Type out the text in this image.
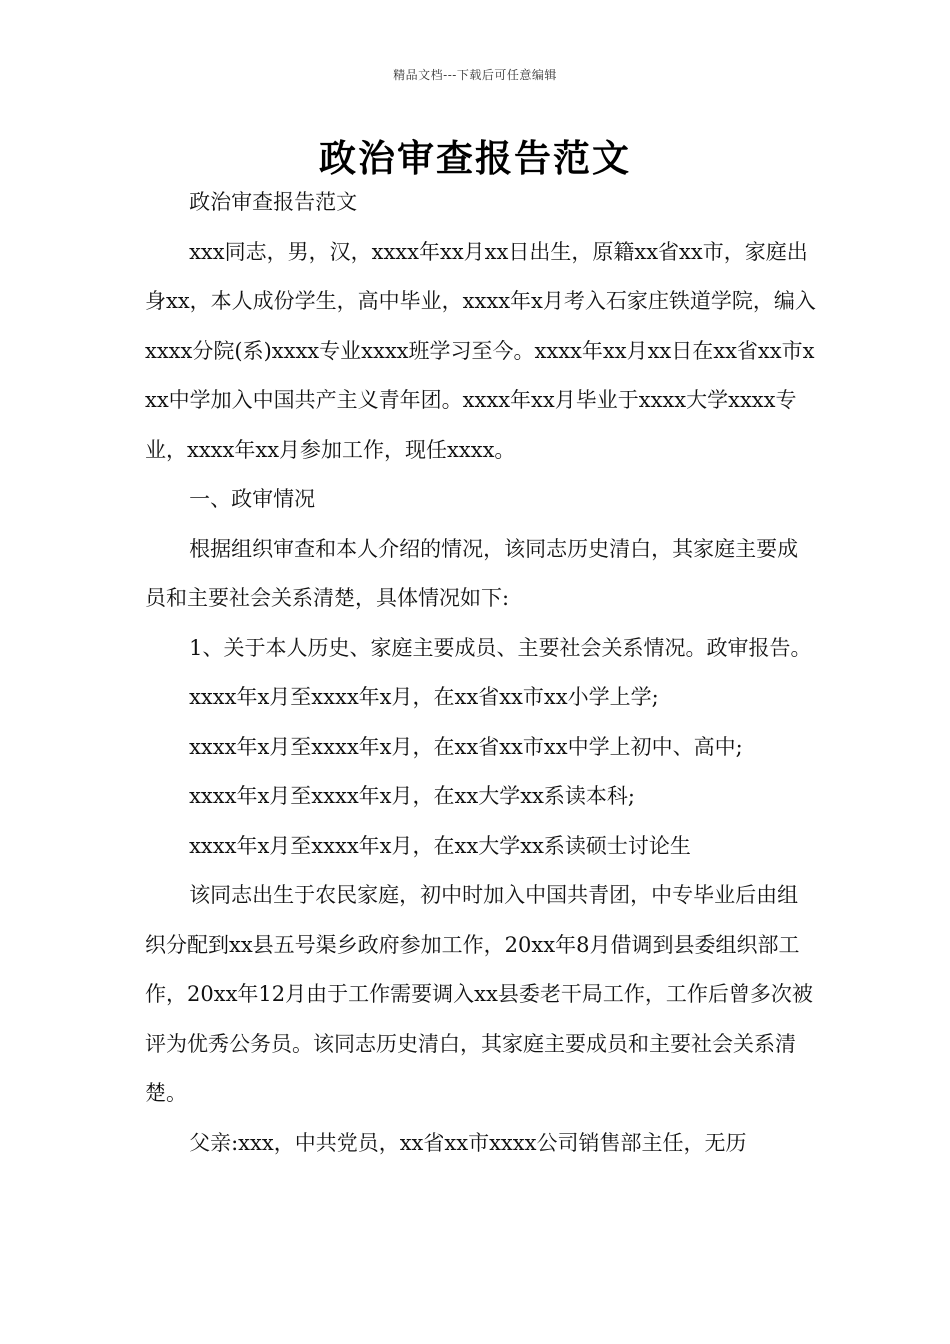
精品文档---下载后可任意编辑
政治审查报告范文

政治审查报告范文

xxx同志，男，汉，xxxx年xx月xx日出生，原籍xx省xx市，家庭出身xx，本人成份学生，高中毕业，xxxx年x月考入石家庄铁道学院，编入xxxx分院(系)xxxx专业xxxx班学习至今。xxxx年xx月xx日在xx省xx市xxx中学加入中国共产主义青年团。xxxx年xx月毕业于xxxx大学xxxx专业，xxxx年xx月参加工作，现任xxxx。

一、政审情况

根据组织审查和本人介绍的情况，该同志历史清白，其家庭主要成员和主要社会关系清楚，具体情况如下:

1、关于本人历史、家庭主要成员、主要社会关系情况。政审报告。

xxxx年x月至xxxx年x月，在xx省xx市xx小学上学;

xxxx年x月至xxxx年x月，在xx省xx市xx中学上初中、高中;

xxxx年x月至xxxx年x月，在xx大学xx系读本科;

xxxx年x月至xxxx年x月，在xx大学xx系读硕士讨论生

该同志出生于农民家庭，初中时加入中国共青团，中专毕业后由组织分配到xx县五号渠乡政府参加工作，20xx年8月借调到县委组织部工作，20xx年12月由于工作需要调入xx县委老干局工作，工作后曾多次被评为优秀公务员。该同志历史清白，其家庭主要成员和主要社会关系清楚。

父亲:xxx，中共党员，xx省xx市xxxx公司销售部主任，无历
